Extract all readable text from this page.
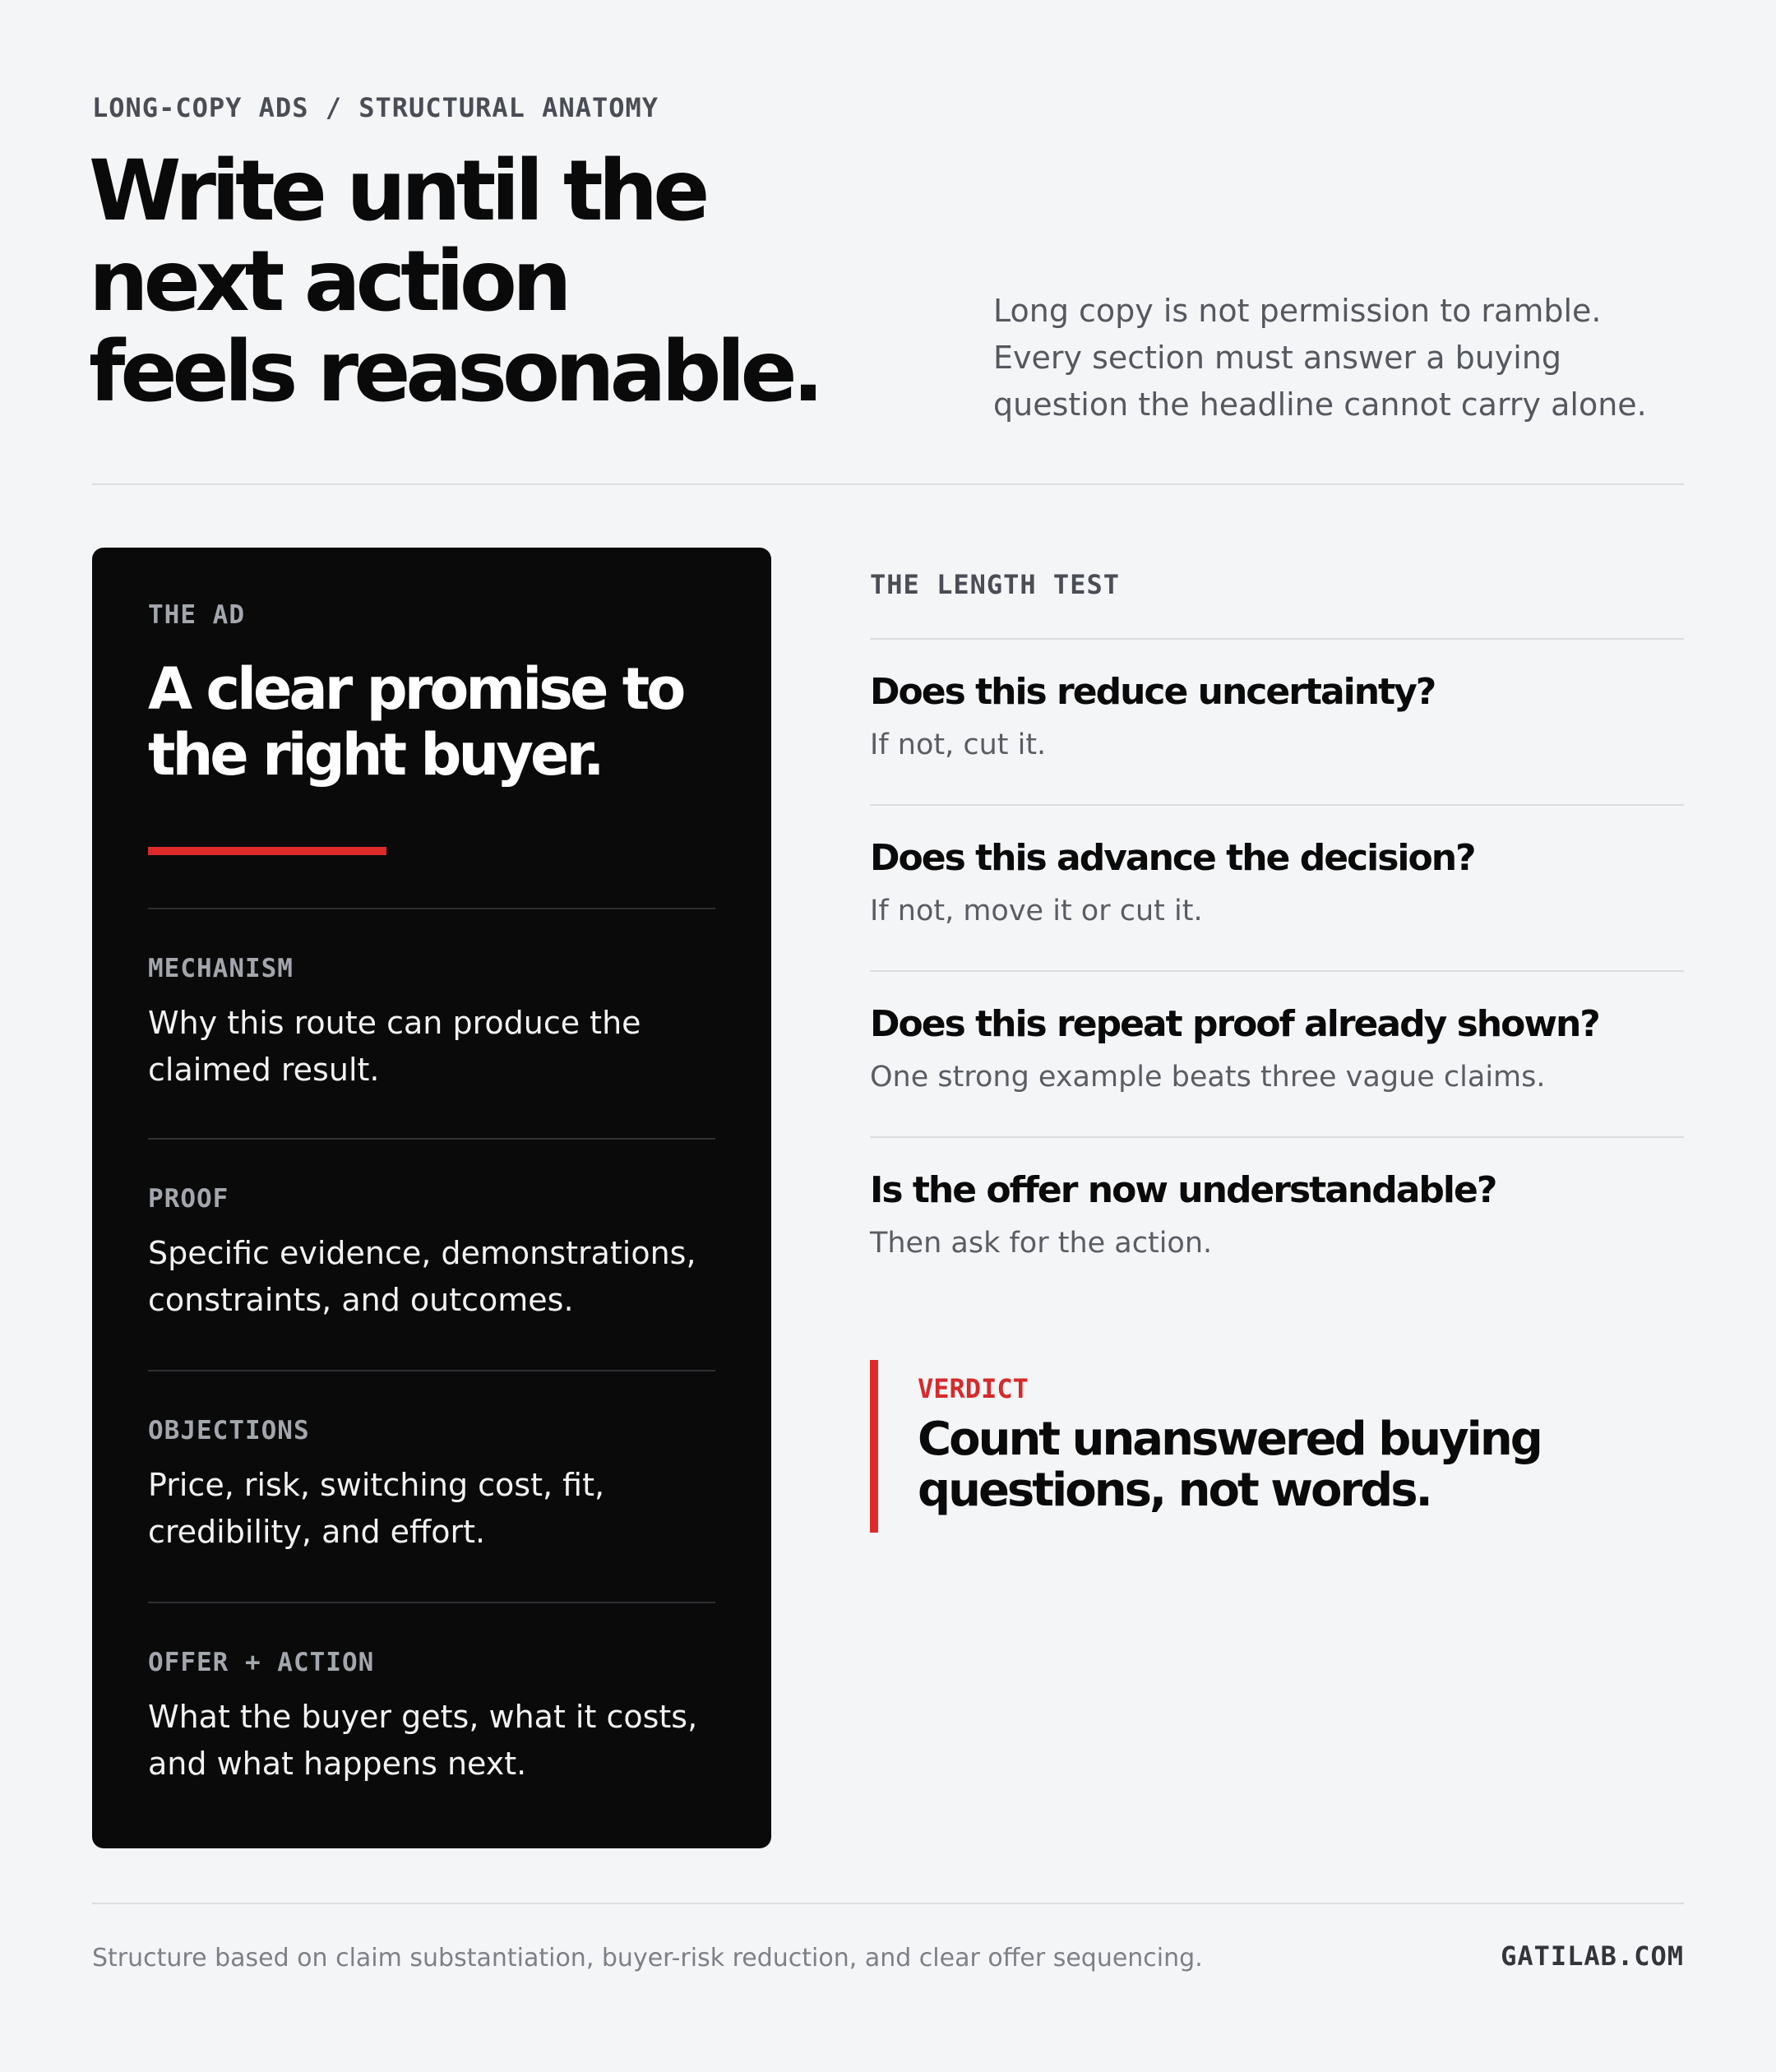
LONG-COPY ADS / STRUCTURAL ANATOMY
Write until the
next action
feels reasonable.
Long copy is not permission to ramble.
Every section must answer a buying
question the headline cannot carry alone.
THE AD
A clear promise to
the right buyer.
MECHANISM
Why this route can produce the
claimed result.
PROOF
Specific evidence, demonstrations,
constraints, and outcomes.
OBJECTIONS
Price, risk, switching cost, fit,
credibility, and effort.
OFFER + ACTION
What the buyer gets, what it costs,
and what happens next.
THE LENGTH TEST
Does this reduce uncertainty?
If not, cut it.
Does this advance the decision?
If not, move it or cut it.
Does this repeat proof already shown?
One strong example beats three vague claims.
Is the offer now understandable?
Then ask for the action.
VERDICT

Count unanswered buying
questions, not words.

Structure based on claim substantiation, buyer-risk reduction, and clear offer sequencing.	GATILAB.COM
